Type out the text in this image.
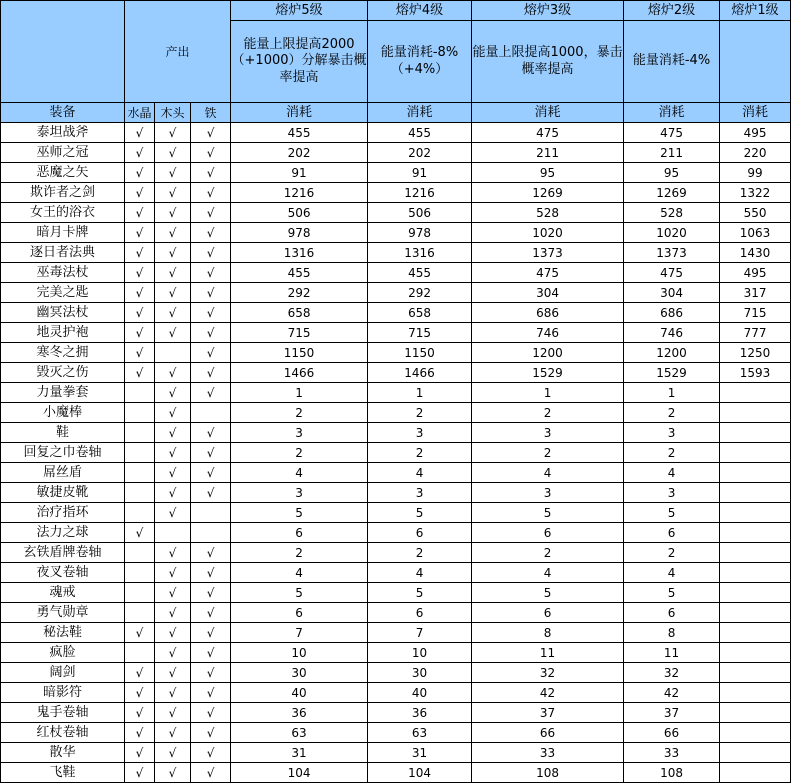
	产出			熔炉5级	熔炉4级	熔炉3级	熔炉2级	熔炉1级
				能量上限提高2000（+1000）分解暴击概率提高	能量消耗-8%（+4%）	能量上限提高1000，暴击概率提高	能量消耗-4%	
装备	水晶	木头	铁	消耗	消耗	消耗	消耗	消耗
泰坦战斧	√	√	√	455	455	475	475	495
巫师之冠	√	√	√	202	202	211	211	220
恶魔之矢	√	√	√	91	91	95	95	99
欺诈者之剑	√	√	√	1216	1216	1269	1269	1322
女王的浴衣	√	√	√	506	506	528	528	550
暗月卡牌	√	√	√	978	978	1020	1020	1063
逐日者法典	√	√	√	1316	1316	1373	1373	1430
巫毒法杖	√	√	√	455	455	475	475	495
完美之匙	√	√	√	292	292	304	304	317
幽冥法杖	√	√	√	658	658	686	686	715
地灵护袍	√	√	√	715	715	746	746	777
寒冬之拥	√		√	1150	1150	1200	1200	1250
毁灭之伤	√	√	√	1466	1466	1529	1529	1593
力量拳套		√	√	1	1	1	1	
小魔棒		√		2	2	2	2	
鞋		√	√	3	3	3	3	
回复之巾卷轴		√	√	2	2	2	2	
屌丝盾		√	√	4	4	4	4	
敏捷皮靴		√	√	3	3	3	3	
治疗指环		√		5	5	5	5	
法力之球	√			6	6	6	6	
玄铁盾牌卷轴		√	√	2	2	2	2	
夜叉卷轴		√	√	4	4	4	4	
魂戒		√	√	5	5	5	5	
勇气勋章		√	√	6	6	6	6	
秘法鞋	√	√	√	7	7	8	8	
疯脸		√	√	10	10	11	11	
阔剑	√	√	√	30	30	32	32	
暗影符	√	√	√	40	40	42	42	
鬼手卷轴	√	√	√	36	36	37	37	
红杖卷轴	√	√	√	63	63	66	66	
散华	√	√	√	31	31	33	33	
飞鞋	√	√	√	104	104	108	108	
